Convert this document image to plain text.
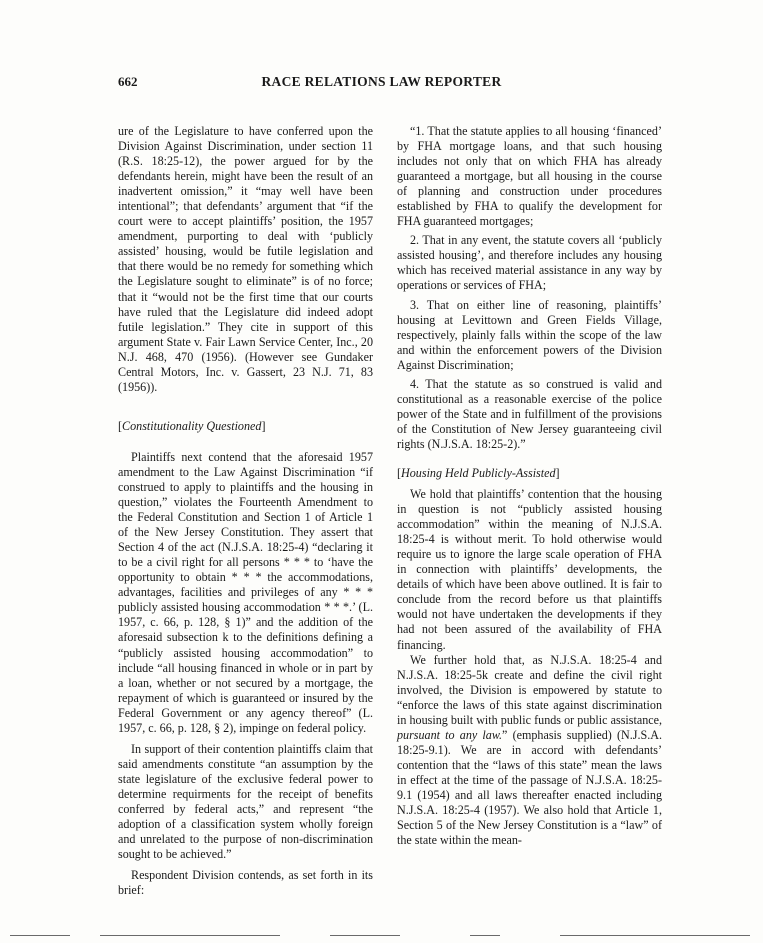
662	RACE RELATIONS LAW REPORTER

ure of the Legislature to have conferred upon the Division Against Discrimination, under section 11 (R.S. 18:25-12), the power argued for by the defendants herein, might have been the result of an inadvertent omission,” it “may well have been intentional”; that defendants’ argument that “if the court were to accept plaintiffs’ position, the 1957 amendment, purporting to deal with ‘publicly assisted’ housing, would be futile legislation and that there would be no remedy for something which the Legislature sought to eliminate” is of no force; that it “would not be the first time that our courts have ruled that the Legislature did indeed adopt futile legislation.” They cite in support of this argument State v. Fair Lawn Service Center, Inc., 20 N.J. 468, 470 (1956). (However see Gundaker Central Motors, Inc. v. Gassert, 23 N.J. 71, 83 (1956)).

[Constitutionality Questioned]

Plaintiffs next contend that the aforesaid 1957 amendment to the Law Against Discrimination “if construed to apply to plaintiffs and the housing in question,” violates the Fourteenth Amendment to the Federal Constitution and Section 1 of Article 1 of the New Jersey Constitution. They assert that Section 4 of the act (N.J.S.A. 18:25-4) “declaring it to be a civil right for all persons * * * to ‘have the opportunity to obtain * * * the accommodations, advantages, facilities and privileges of any * * * publicly assisted housing accommodation * * *.’ (L. 1957, c. 66, p. 128, § 1)” and the addition of the aforesaid subsection k to the definitions defining a “publicly assisted housing accommodation” to include “all housing financed in whole or in part by a loan, whether or not secured by a mortgage, the repayment of which is guaranteed or insured by the Federal Government or any agency thereof” (L. 1957, c. 66, p. 128, § 2), impinge on federal policy.

In support of their contention plaintiffs claim that said amendments constitute “an assumption by the state legislature of the exclusive federal power to determine requirments for the receipt of benefits conferred by federal acts,” and represent “the adoption of a classification system wholly foreign and unrelated to the purpose of non-discrimination sought to be achieved.”

Respondent Division contends, as set forth in its brief:

“1. That the statute applies to all housing ‘financed’ by FHA mortgage loans, and that such housing includes not only that on which FHA has already guaranteed a mortgage, but all housing in the course of planning and construction under procedures established by FHA to qualify the development for FHA guaranteed mortgages;

2. That in any event, the statute covers all ‘publicly assisted housing’, and therefore includes any housing which has received material assistance in any way by operations or services of FHA;

3. That on either line of reasoning, plaintiffs’ housing at Levittown and Green Fields Village, respectively, plainly falls within the scope of the law and within the enforcement powers of the Division Against Discrimination;

4. That the statute as so construed is valid and constitutional as a reasonable exercise of the police power of the State and in fulfillment of the provisions of the Constitution of New Jersey guaranteeing civil rights (N.J.S.A. 18:25-2).”

[Housing Held Publicly-Assisted]

We hold that plaintiffs’ contention that the housing in question is not “publicly assisted housing accommodation” within the meaning of N.J.S.A. 18:25-4 is without merit. To hold otherwise would require us to ignore the large scale operation of FHA in connection with plaintiffs’ developments, the details of which have been above outlined. It is fair to conclude from the record before us that plaintiffs would not have undertaken the developments if they had not been assured of the availability of FHA financing.

We further hold that, as N.J.S.A. 18:25-4 and N.J.S.A. 18:25-5k create and define the civil right involved, the Division is empowered by statute to “enforce the laws of this state against discrimination in housing built with public funds or public assistance, pursuant to any law.” (emphasis supplied) (N.J.S.A. 18:25-9.1). We are in accord with defendants’ contention that the “laws of this state” mean the laws in effect at the time of the passage of N.J.S.A. 18:25-9.1 (1954) and all laws thereafter enacted including N.J.S.A. 18:25-4 (1957). We also hold that Article 1, Section 5 of the New Jersey Constitution is a “law” of the state within the mean-
